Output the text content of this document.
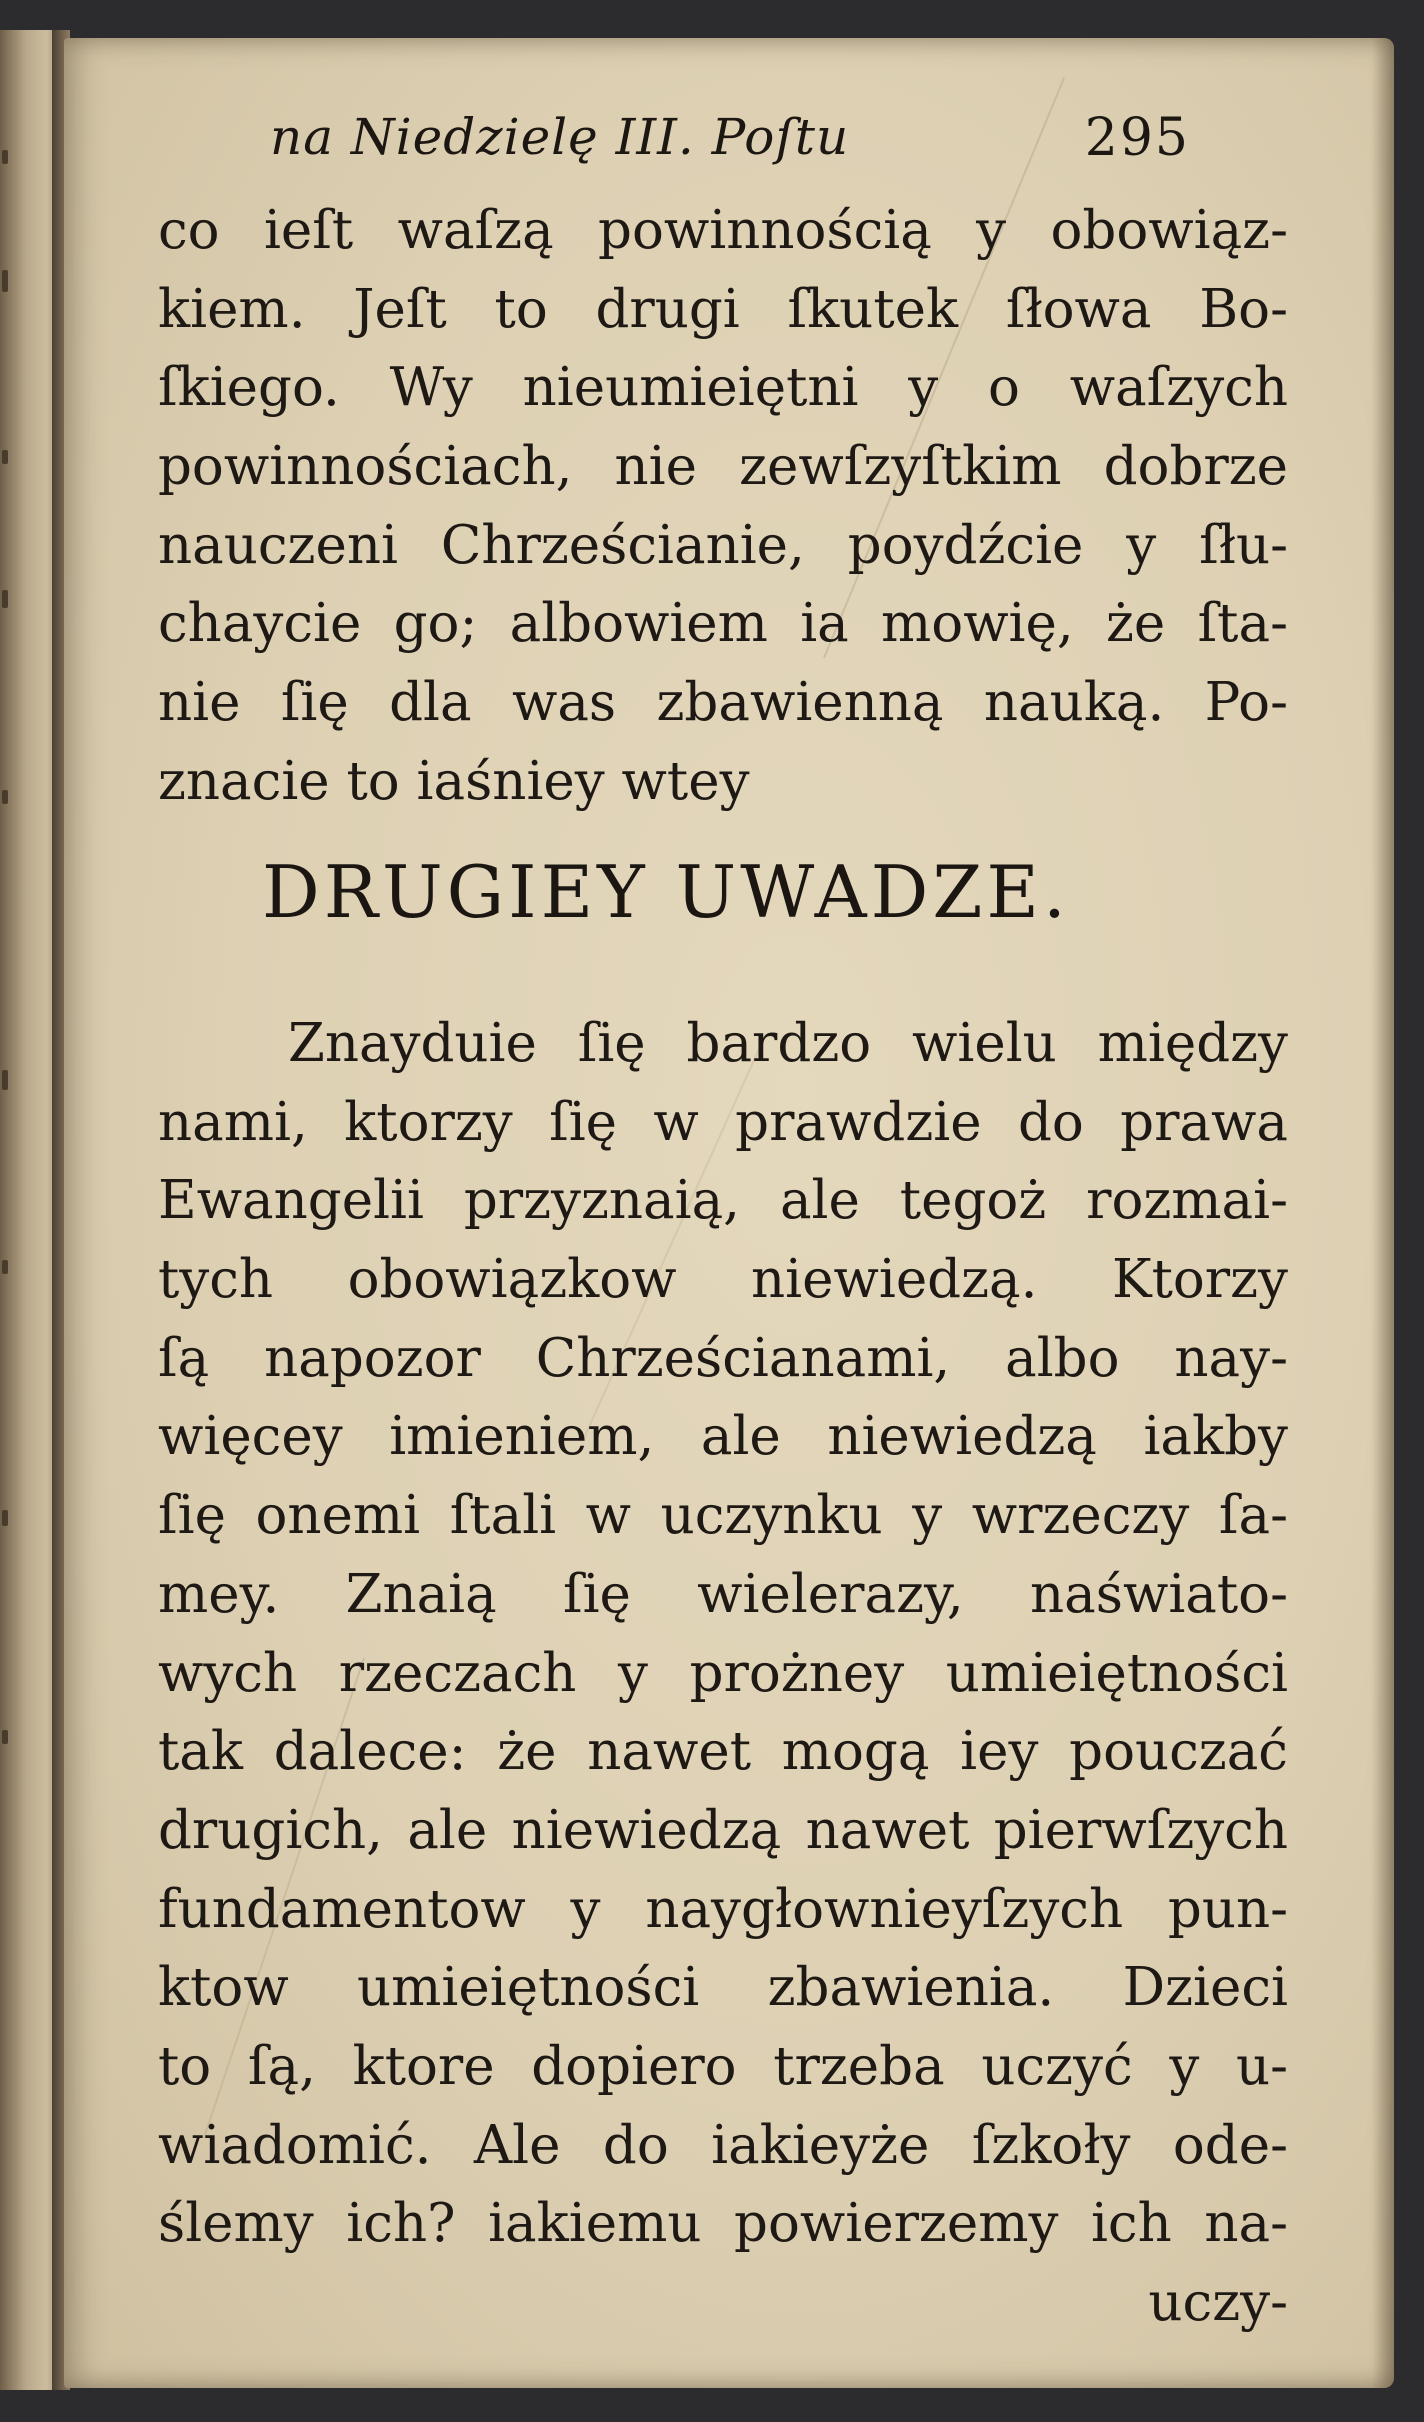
na Niedzielę III. Poſtu	295
co ieſt waſzą powinnością y obowiąz-
kiem. Jeſt to drugi ſkutek ſłowa Bo-
ſkiego. Wy nieumieiętni y o waſzych
powinnościach, nie zewſzyſtkim dobrze
nauczeni Chrześcianie, poydźcie y ſłu-
chaycie go; albowiem ia mowię, że ſta-
nie ſię dla was zbawienną nauką. Po-
znacie to iaśniey wtey
DRUGIEY UWADZE.
Znayduie ſię bardzo wielu między
nami, ktorzy ſię w prawdzie do prawa
Ewangelii przyznaią, ale tegoż rozmai-
tych obowiązkow niewiedzą. Ktorzy
ſą napozor Chrześcianami, albo nay-
więcey imieniem, ale niewiedzą iakby
ſię onemi ſtali w uczynku y wrzeczy ſa-
mey. Znaią ſię wielerazy, naświato-
wych rzeczach y prożney umieiętności
tak dalece: że nawet mogą iey pouczać
drugich, ale niewiedzą nawet pierwſzych
fundamentow y naygłownieyſzych pun-
ktow umieiętności zbawienia. Dzieci
to ſą, ktore dopiero trzeba uczyć y u-
wiadomić. Ale do iakieyże ſzkoły ode-
ślemy ich? iakiemu powierzemy ich na-
uczy-
